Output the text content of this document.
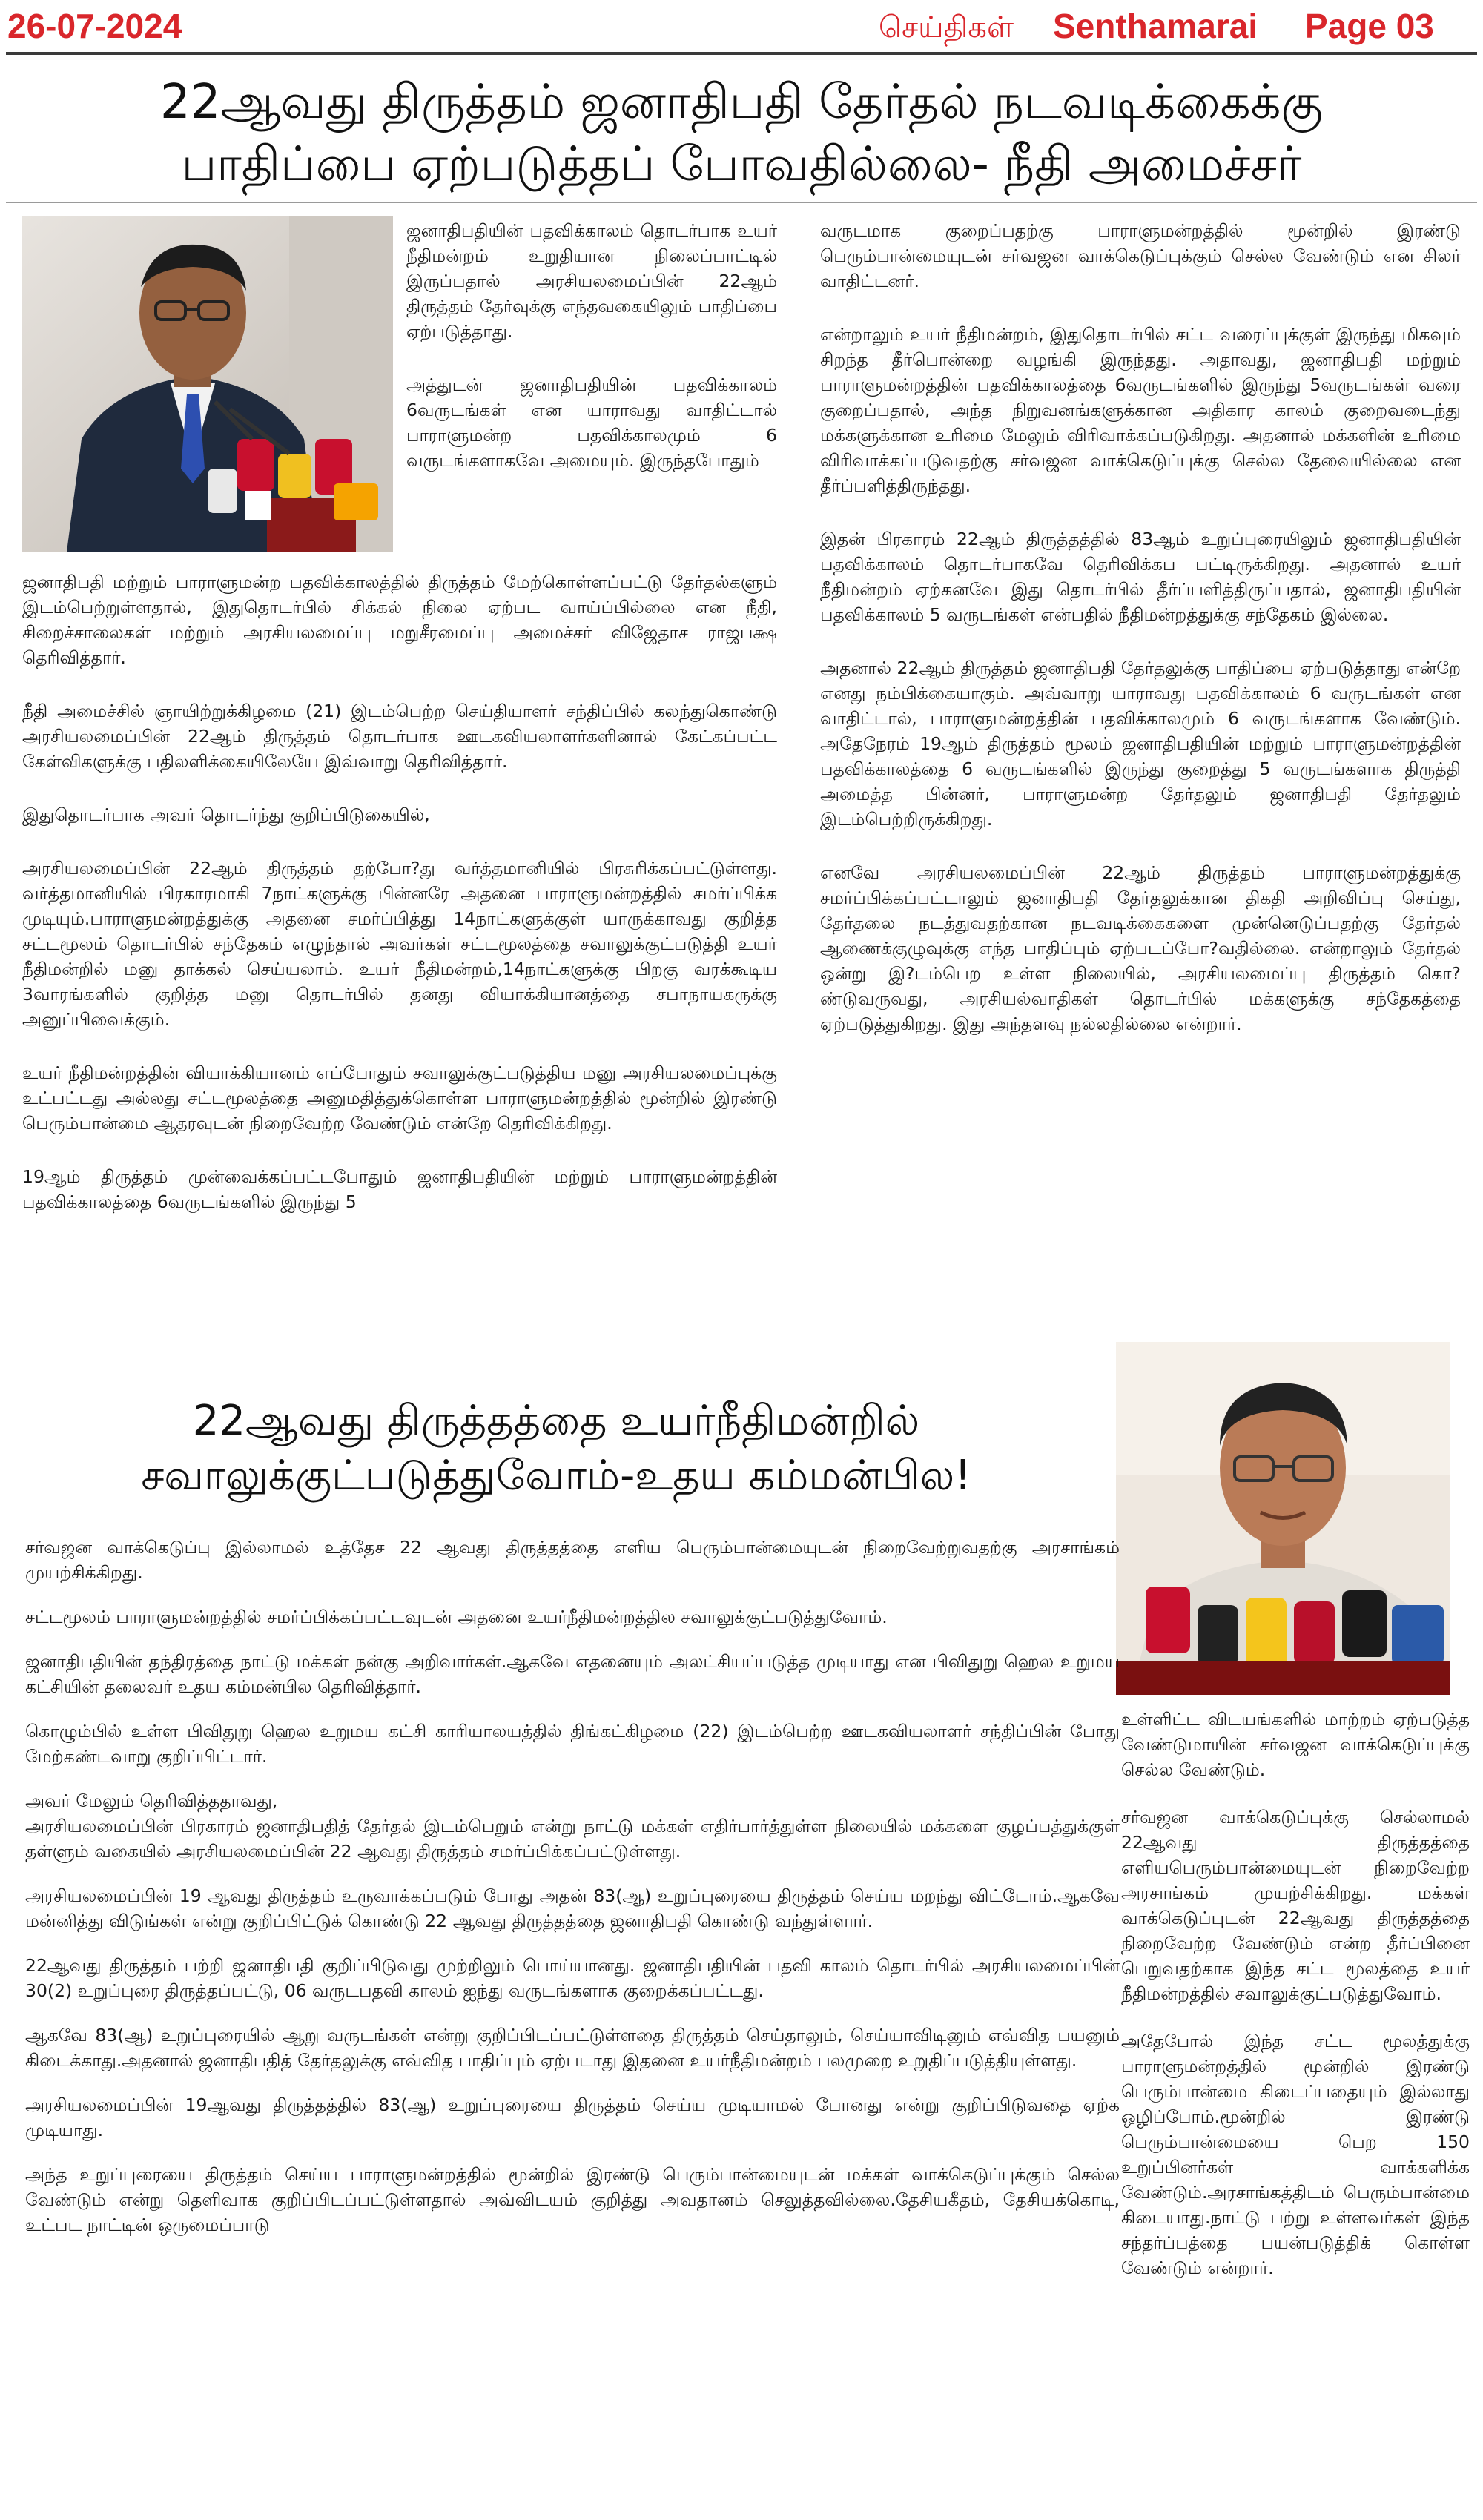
26-07-2024	செய்திகள் Senthamarai Page 03
22ஆவது திருத்தம் ஜனாதிபதி தேர்தல் நடவடிக்கைக்கு
பாதிப்பை ஏற்படுத்தப் போவதில்லை- நீதி அமைச்சர்

ஜனாதிபதியின் பதவிக்காலம் தொடர்பாக உயர் நீதிமன்றம் உறுதியான நிலைப்பாட்டில் இருப்பதால் அரசியலமைப்பின் 22ஆம் திருத்தம் தேர்வுக்கு எந்தவகையிலும் பாதிப்பை ஏற்படுத்தாது.

அத்துடன் ஜனாதிபதியின் பதவிக்காலம் 6வருடங்கள் என யாராவது வாதிட்டால் பாராளுமன்ற பதவிக்காலமும் 6 வருடங்களாகவே அமையும். இருந்தபோதும்

ஜனாதிபதி மற்றும் பாராளுமன்ற பதவிக்காலத்தில் திருத்தம் மேற்கொள்ளப்பட்டு தேர்தல்களும் இடம்பெற்றுள்ளதால், இதுதொடர்பில் சிக்கல் நிலை ஏற்பட வாய்ப்பில்லை என நீதி, சிறைச்சாலைகள் மற்றும் அரசியலமைப்பு மறுசீரமைப்பு அமைச்சர் விஜேதாச ராஜபக்ஷ தெரிவித்தார்.

நீதி அமைச்சில் ஞாயிற்றுக்கிழமை (21) இடம்பெற்ற செய்தியாளர் சந்திப்பில் கலந்துகொண்டு அரசியலமைப்பின் 22ஆம் திருத்தம் தொடர்பாக ஊடகவியலாளர்களினால் கேட்கப்பட்ட கேள்விகளுக்கு பதிலளிக்கையிலேயே இவ்வாறு தெரிவித்தார்.

இதுதொடர்பாக அவர் தொடர்ந்து குறிப்பிடுகையில்,

அரசியலமைப்பின் 22ஆம் திருத்தம் தற்போ?து வர்த்தமானியில் பிரசுரிக்கப்பட்டுள்ளது. வர்த்தமானியில் பிரகாரமாகி 7நாட்களுக்கு பின்னரே அதனை பாராளுமன்றத்தில் சமர்ப்பிக்க முடியும்.பாராளுமன்றத்துக்கு அதனை சமர்ப்பித்து 14நாட்களுக்குள் யாருக்காவது குறித்த சட்டமூலம் தொடர்பில் சந்தேகம் எழுந்தால் அவர்கள் சட்டமூலத்தை சவாலுக்குட்படுத்தி உயர் நீதிமன்றில் மனு தாக்கல் செய்யலாம். உயர் நீதிமன்றம்,14நாட்களுக்கு பிறகு வரக்கூடிய 3வாரங்களில் குறித்த மனு தொடர்பில் தனது வியாக்கியானத்தை சபாநாயகருக்கு அனுப்பிவைக்கும்.

உயர் நீதிமன்றத்தின் வியாக்கியானம் எப்போதும் சவாலுக்குட்படுத்திய மனு அரசியலமைப்புக்கு உட்பட்டது அல்லது சட்டமூலத்தை அனுமதித்துக்கொள்ள பாராளுமன்றத்தில் மூன்றில் இரண்டு பெரும்பான்மை ஆதரவுடன் நிறைவேற்ற வேண்டும் என்றே தெரிவிக்கிறது.

19ஆம் திருத்தம் முன்வைக்கப்பட்டபோதும் ஜனாதிபதியின் மற்றும் பாராளுமன்றத்தின் பதவிக்காலத்தை 6வருடங்களில் இருந்து 5

வருடமாக குறைப்பதற்கு பாராளுமன்றத்தில் மூன்றில் இரண்டு பெரும்பான்மையுடன் சர்வஜன வாக்கெடுப்புக்கும் செல்ல வேண்டும் என சிலர் வாதிட்டனர்.

என்றாலும் உயர் நீதிமன்றம், இதுதொடர்பில் சட்ட வரைப்புக்குள் இருந்து மிகவும் சிறந்த தீர்பொன்றை வழங்கி இருந்தது. அதாவது, ஜனாதிபதி மற்றும் பாராளுமன்றத்தின் பதவிக்காலத்தை 6வருடங்களில் இருந்து 5வருடங்கள் வரை குறைப்பதால், அந்த நிறுவனங்களுக்கான அதிகார காலம் குறைவடைந்து மக்களுக்கான உரிமை மேலும் விரிவாக்கப்படுகிறது. அதனால் மக்களின் உரிமை விரிவாக்கப்படுவதற்கு சர்வஜன வாக்கெடுப்புக்கு செல்ல தேவையில்லை என தீர்ப்பளித்திருந்தது.

இதன் பிரகாரம் 22ஆம் திருத்தத்தில் 83ஆம் உறுப்புரையிலும் ஜனாதிபதியின் பதவிக்காலம் தொடர்பாகவே தெரிவிக்கப பட்டிருக்கிறது. அதனால் உயர் நீதிமன்றம் ஏற்கனவே இது தொடர்பில் தீர்ப்பளித்திருப்பதால், ஜனாதிபதியின் பதவிக்காலம் 5 வருடங்கள் என்பதில் நீதிமன்றத்துக்கு சந்தேகம் இல்லை.

அதனால் 22ஆம் திருத்தம் ஜனாதிபதி தேர்தலுக்கு பாதிப்பை ஏற்படுத்தாது என்றே எனது நம்பிக்கையாகும். அவ்வாறு யாராவது பதவிக்காலம் 6 வருடங்கள் என வாதிட்டால், பாராளுமன்றத்தின் பதவிக்காலமும் 6 வருடங்களாக வேண்டும். அதேநேரம் 19ஆம் திருத்தம் மூலம் ஜனாதிபதியின் மற்றும் பாராளுமன்றத்தின் பதவிக்காலத்தை 6 வருடங்களில் இருந்து குறைத்து 5 வருடங்களாக திருத்தி அமைத்த பின்னர், பாராளுமன்ற தேர்தலும் ஜனாதிபதி தேர்தலும் இடம்பெற்றிருக்கிறது.

எனவே அரசியலமைப்பின் 22ஆம் திருத்தம் பாராளுமன்றத்துக்கு சமர்ப்பிக்கப்பட்டாலும் ஜனாதிபதி தேர்தலுக்கான திகதி அறிவிப்பு செய்து, தேர்தலை நடத்துவதற்கான நடவடிக்கைகளை முன்னெடுப்பதற்கு தேர்தல் ஆணைக்குழுவுக்கு எந்த பாதிப்பும் ஏற்படப்போ?வதில்லை. என்றாலும் தேர்தல் ஒன்று இ?டம்பெற உள்ள நிலையில், அரசியலமைப்பு திருத்தம் கொ?ண்டுவருவது, அரசியல்வாதிகள் தொடர்பில் மக்களுக்கு சந்தேகத்தை ஏற்படுத்துகிறது. இது அந்தளவு நல்லதில்லை என்றார்.

22ஆவது திருத்தத்தை உயர்நீதிமன்றில்
சவாலுக்குட்படுத்துவோம்-உதய கம்மன்பில!

சர்வஜன வாக்கெடுப்பு இல்லாமல் உத்தேச 22 ஆவது திருத்தத்தை எளிய பெரும்பான்மையுடன் நிறைவேற்றுவதற்கு அரசாங்கம் முயற்சிக்கிறது.

சட்டமூலம் பாராளுமன்றத்தில் சமர்ப்பிக்கப்பட்டவுடன் அதனை உயர்நீதிமன்றத்தில சவாலுக்குட்படுத்துவோம்.

ஜனாதிபதியின் தந்திரத்தை நாட்டு மக்கள் நன்கு அறிவார்கள்.ஆகவே எதனையும் அலட்சியப்படுத்த முடியாது என பிவிதுறு ஹெல உறுமய கட்சியின் தலைவர் உதய கம்மன்பில தெரிவித்தார்.

கொழும்பில் உள்ள பிவிதுறு ஹெல உறுமய கட்சி காரியாலயத்தில் திங்கட்கிழமை (22) இடம்பெற்ற ஊடகவியலாளர் சந்திப்பின் போது மேற்கண்டவாறு குறிப்பிட்டார்.

அவர் மேலும் தெரிவித்ததாவது,
அரசியலமைப்பின் பிரகாரம் ஜனாதிபதித் தேர்தல் இடம்பெறும் என்று நாட்டு மக்கள் எதிர்பார்த்துள்ள நிலையில் மக்களை குழப்பத்துக்குள் தள்ளும் வகையில் அரசியலமைப்பின் 22 ஆவது திருத்தம் சமர்ப்பிக்கப்பட்டுள்ளது.

அரசியலமைப்பின் 19 ஆவது திருத்தம் உருவாக்கப்படும் போது அதன் 83(ஆ) உறுப்புரையை திருத்தம் செய்ய மறந்து விட்டோம்.ஆகவே மன்னித்து விடுங்கள் என்று குறிப்பிட்டுக் கொண்டு 22 ஆவது திருத்தத்தை ஜனாதிபதி கொண்டு வந்துள்ளார்.

22ஆவது திருத்தம் பற்றி ஜனாதிபதி குறிப்பிடுவது முற்றிலும் பொய்யானது. ஜனாதிபதியின் பதவி காலம் தொடர்பில் அரசியலமைப்பின் 30(2) உறுப்புரை திருத்தப்பட்டு, 06 வருடபதவி காலம் ஐந்து வருடங்களாக குறைக்கப்பட்டது.

ஆகவே 83(ஆ) உறுப்புரையில் ஆறு வருடங்கள் என்று குறிப்பிடப்பட்டுள்ளதை திருத்தம் செய்தாலும், செய்யாவிடினும் எவ்வித பயனும் கிடைக்காது.அதனால் ஜனாதிபதித் தேர்தலுக்கு எவ்வித பாதிப்பும் ஏற்படாது இதனை உயர்நீதிமன்றம் பலமுறை உறுதிப்படுத்தியுள்ளது.

அரசியலமைப்பின் 19ஆவது திருத்தத்தில் 83(ஆ) உறுப்புரையை திருத்தம் செய்ய முடியாமல் போனது என்று குறிப்பிடுவதை ஏற்க முடியாது.

அந்த உறுப்புரையை திருத்தம் செய்ய பாராளுமன்றத்தில் மூன்றில் இரண்டு பெரும்பான்மையுடன் மக்கள் வாக்கெடுப்புக்கும் செல்ல வேண்டும் என்று தெளிவாக குறிப்பிடப்பட்டுள்ளதால் அவ்விடயம் குறித்து அவதானம் செலுத்தவில்லை.தேசியகீதம், தேசியக்கொடி, உட்பட நாட்டின் ஒருமைப்பாடு

உள்ளிட்ட விடயங்களில் மாற்றம் ஏற்படுத்த வேண்டுமாயின் சர்வஜன வாக்கெடுப்புக்கு செல்ல வேண்டும்.

சர்வஜன வாக்கெடுப்புக்கு செல்லாமல் 22ஆவது திருத்தத்தை எளியபெரும்பான்மையுடன் நிறைவேற்ற அரசாங்கம் முயற்சிக்கிறது. மக்கள் வாக்கெடுப்புடன் 22ஆவது திருத்தத்தை நிறைவேற்ற வேண்டும் என்ற தீர்ப்பினை பெறுவதற்காக இந்த சட்ட மூலத்தை உயர் நீதிமன்றத்தில் சவாலுக்குட்படுத்துவோம்.

அதேபோல் இந்த சட்ட மூலத்துக்கு பாராளுமன்றத்தில் மூன்றில் இரண்டு பெரும்பான்மை கிடைப்பதையும் இல்லாது ஒழிப்போம்.மூன்றில் இரண்டு பெரும்பான்மையை பெற 150 உறுப்பினர்கள் வாக்களிக்க வேண்டும்.அரசாங்கத்திடம் பெரும்பான்மை கிடையாது.நாட்டு பற்று உள்ளவர்கள் இந்த சந்தர்ப்பத்தை பயன்படுத்திக் கொள்ள வேண்டும் என்றார்.
